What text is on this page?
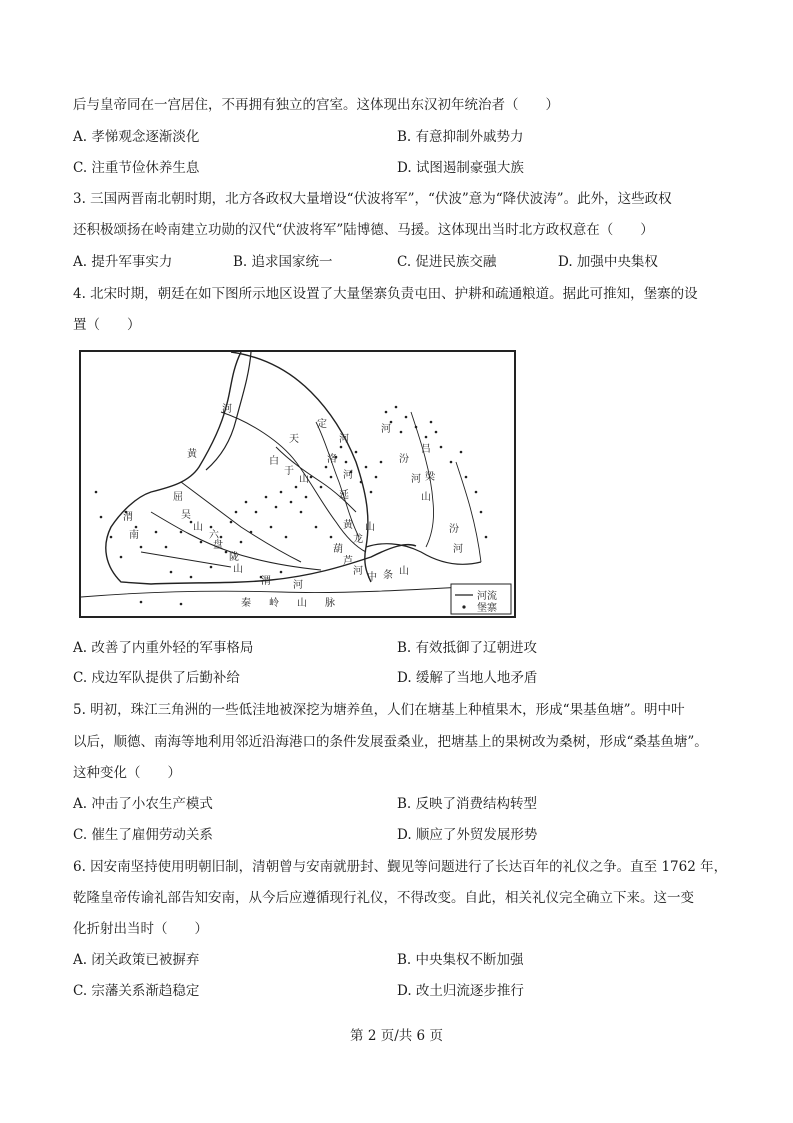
后与皇帝同在一宫居住，不再拥有独立的宫室。这体现出东汉初年统治者（　　）
A. 孝悌观念逐渐淡化	B. 有意抑制外戚势力
C. 注重节俭休养生息	D. 试图遏制豪强大族
3. 三国两晋南北朝时期，北方各政权大量增设“伏波将军”，“伏波”意为“降伏波涛”。此外，这些政权
还积极颂扬在岭南建立功勋的汉代“伏波将军”陆博德、马援。这体现出当时北方政权意在（　　）
A. 提升军事实力	B. 追求国家统一	C. 促进民族交融	D. 加强中央集权
4. 北宋时期，朝廷在如下图所示地区设置了大量堡寨负责屯田、护耕和疏通粮道。据此可推知，堡寨的设
置（　　）
河
黄
天
定
河
白
于
山
洛
河
延
屈
吴
山
六
盘
渭
南
陇
山
渭 河
黄
龙
山
葫
芦
河
中 条 山
汾
河
河
吕
梁
山
汾
河
秦 岭 山 脉
河流
堡寨
A. 改善了内重外轻的军事格局	B. 有效抵御了辽朝进攻
C. 戍边军队提供了后勤补给	D. 缓解了当地人地矛盾
5. 明初，珠江三角洲的一些低洼地被深挖为塘养鱼，人们在塘基上种植果木，形成“果基鱼塘”。明中叶
以后，顺德、南海等地利用邻近沿海港口的条件发展蚕桑业，把塘基上的果树改为桑树，形成“桑基鱼塘”。
这种变化（　　）
A. 冲击了小农生产模式	B. 反映了消费结构转型
C. 催生了雇佣劳动关系	D. 顺应了外贸发展形势
6. 因安南坚持使用明朝旧制，清朝曾与安南就册封、觐见等问题进行了长达百年的礼仪之争。直至 1762 年，
乾隆皇帝传谕礼部告知安南，从今后应遵循现行礼仪，不得改变。自此，相关礼仪完全确立下来。这一变
化折射出当时（　　）
A. 闭关政策已被摒弃	B. 中央集权不断加强
C. 宗藩关系渐趋稳定	D. 改土归流逐步推行
第 2 页/共 6 页
